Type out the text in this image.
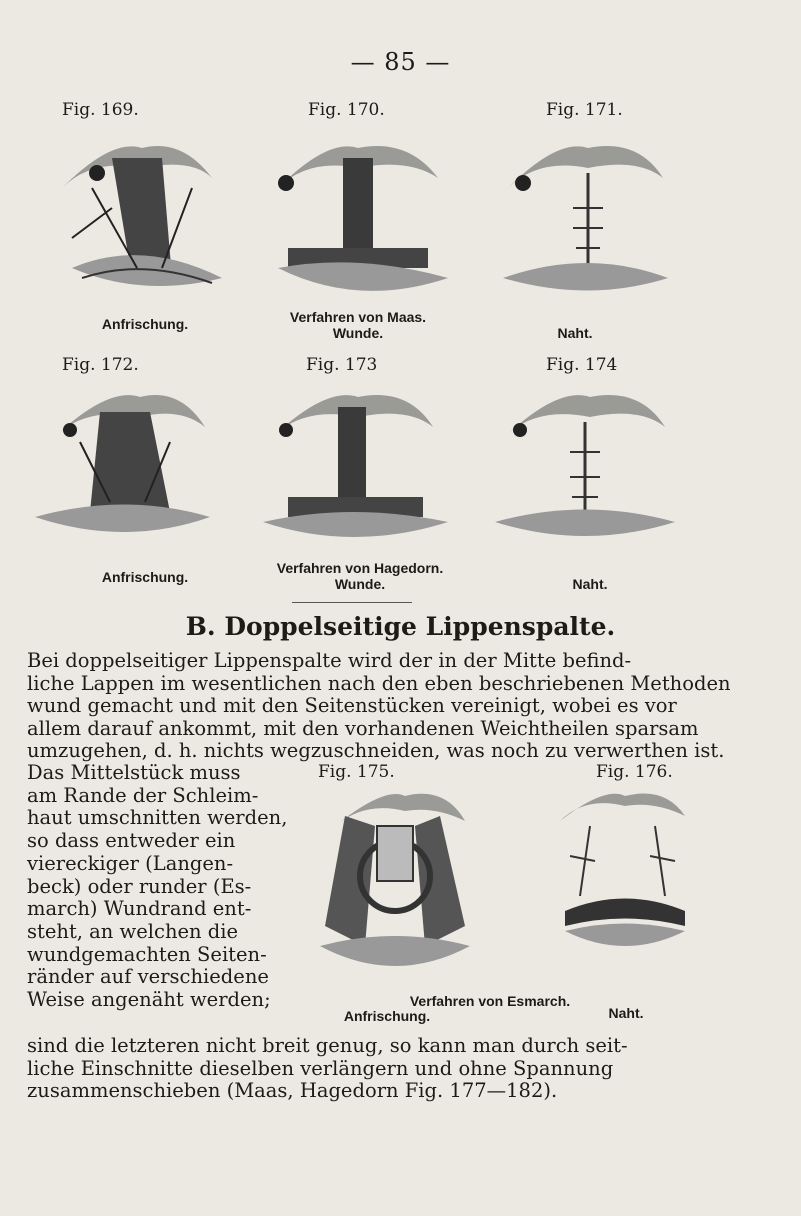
— 85 —
Fig. 169.	Fig. 170.	Fig. 171.
Anfrischung.	Verfahren von Maas.
Wunde.	Naht.
Fig. 172.	Fig. 173	Fig. 174
Anfrischung.
Verfahren von Hagedorn.
Wunde.	Naht.
B. Doppelseitige Lippenspalte.
Bei doppelseitiger Lippenspalte wird der in der Mitte befind-
liche Lappen im wesentlichen nach den eben beschriebenen Methoden
wund gemacht und mit den Seitenstücken vereinigt, wobei es vor
allem darauf ankommt, mit den vorhandenen Weichtheilen sparsam
umzugehen, d. h. nichts wegzuschneiden, was noch zu verwerthen ist.
Fig. 175.	Fig. 176.
Das Mittelstück muss
am Rande der Schleim-
haut umschnitten werden,
so dass entweder ein
viereckiger (Langen-
beck) oder runder (Es-
march) Wundrand ent-
steht, an welchen die
wundgemachten Seiten-
ränder auf verschiedene
Weise angenäht werden;	Verfahren von Esmarch.
Anfrischung.	Naht.
sind die letzteren nicht breit genug, so kann man durch seit-
liche Einschnitte dieselben verlängern und ohne Spannung
zusammenschieben (Maas, Hagedorn Fig. 177—182).
